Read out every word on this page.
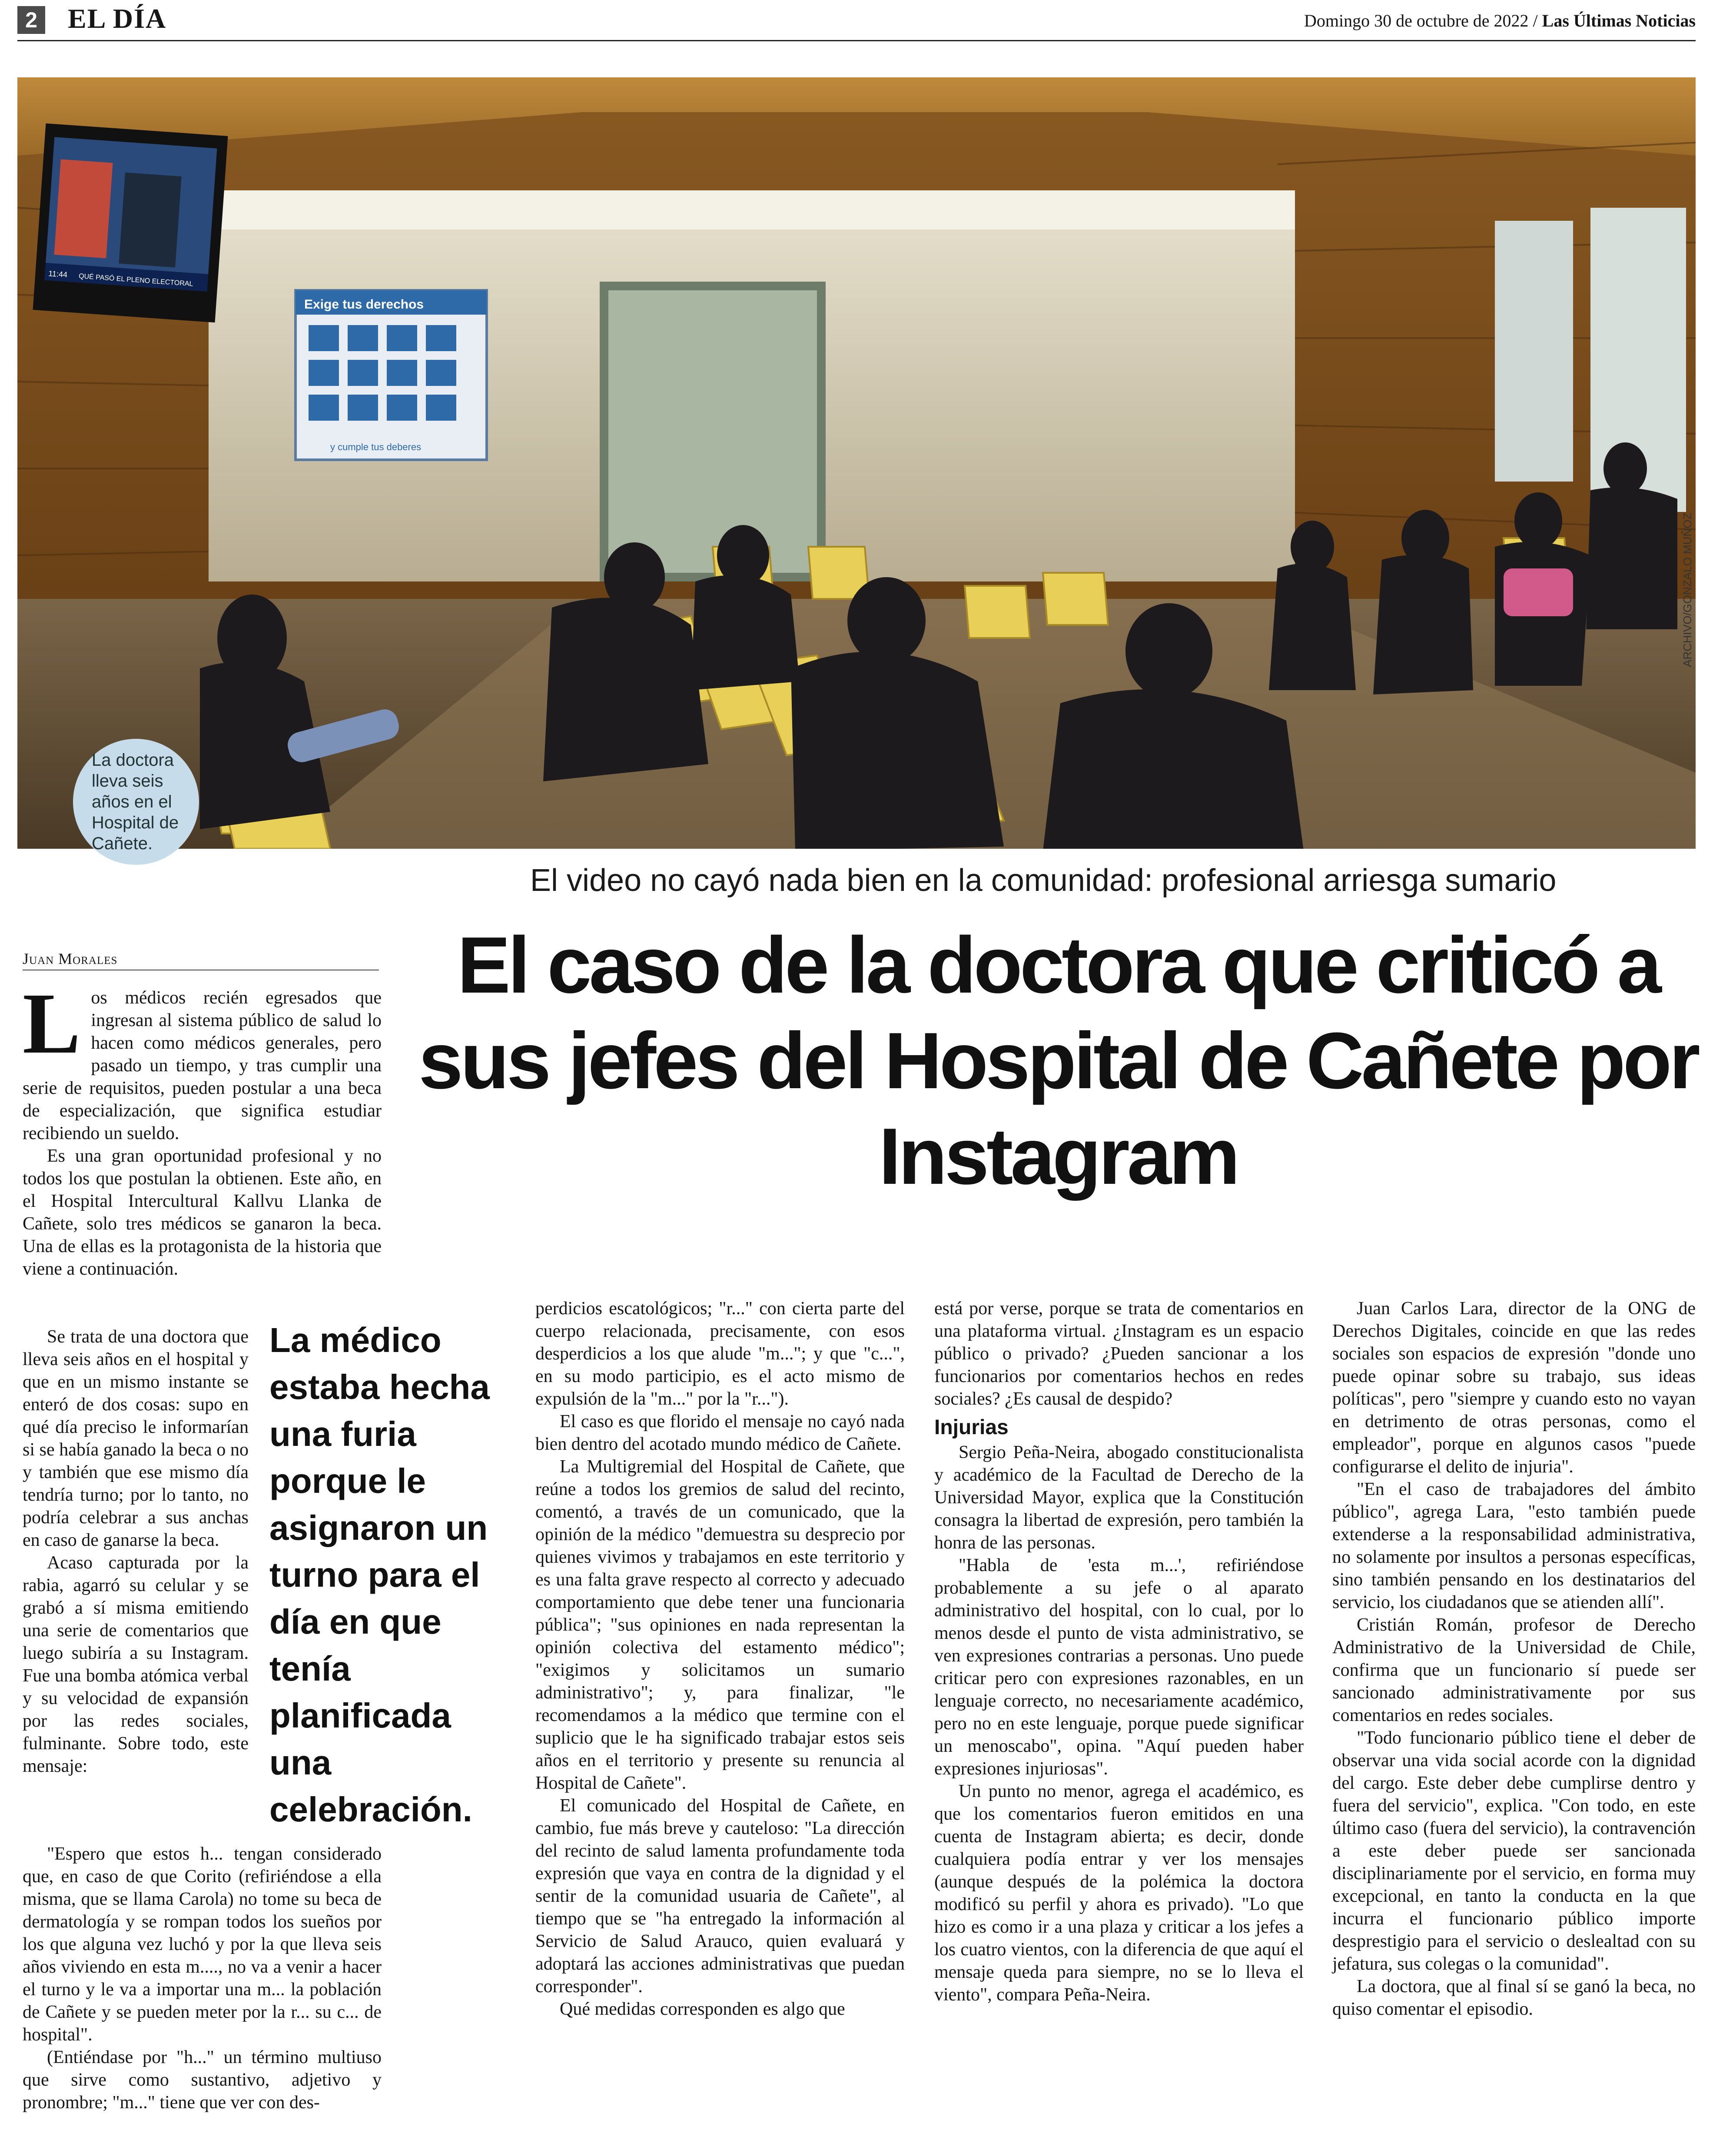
2 EL DÍA	Domingo 30 de octubre de 2022 / Las Últimas Noticias
Exige tus derechos
y cumple tus deberes
11:44 QUÉ PASÓ EL PLENO ELECTORAL
ARCHIVO/GONZALO MUÑOZ
La doctora lleva seis años en el Hospital de Cañete.
El video no cayó nada bien en la comunidad: profesional arriesga sumario
Juan Morales	El caso de la doctora que criticó a sus jefes del Hospital de Cañete por Instagram

Los médicos recién egresados que ingresan al sistema público de salud lo hacen como médicos generales, pero pasado un tiempo, y tras cumplir una serie de requisitos, pueden postular a una beca de especialización, que significa estudiar recibiendo un sueldo.

Es una gran oportunidad profesional y no todos los que postulan la obtienen. Este año, en el Hospital Intercultural Kallvu Llanka de Cañete, solo tres médicos se ganaron la beca. Una de ellas es la protagonista de la historia que viene a continuación.

Se trata de una doctora que lleva seis años en el hospital y que en un mismo instante se enteró de dos cosas: supo en qué día preciso le informarían si se había ganado la beca o no y también que ese mismo día tendría turno; por lo tanto, no podría celebrar a sus anchas en caso de ganarse la beca.

Acaso capturada por la rabia, agarró su celular y se grabó a sí misma emitiendo una serie de comentarios que luego subiría a su Instagram. Fue una bomba atómica verbal y su velocidad de expansión por las redes sociales, fulminante. Sobre todo, este mensaje:

La médico estaba hecha una furia porque le asignaron un turno para el día en que tenía planificada una celebración.

"Espero que estos h... tengan considerado que, en caso de que Corito (refiriéndose a ella misma, que se llama Carola) no tome su beca de dermatología y se rompan todos los sueños por los que alguna vez luchó y por la que lleva seis años viviendo en esta m...., no va a venir a hacer el turno y le va a importar una m... la población de Cañete y se pueden meter por la r... su c... de hospital".

(Entiéndase por "h..." un término multiuso que sirve como sustantivo, adjetivo y pronombre; "m..." tiene que ver con des-

perdicios escatológicos; "r..." con cierta parte del cuerpo relacionada, precisamente, con esos desperdicios a los que alude "m..."; y que "c...", en su modo participio, es el acto mismo de expulsión de la "m..." por la "r...").

El caso es que florido el mensaje no cayó nada bien dentro del acotado mundo médico de Cañete.

La Multigremial del Hospital de Cañete, que reúne a todos los gremios de salud del recinto, comentó, a través de un comunicado, que la opinión de la médico "demuestra su desprecio por quienes vivimos y trabajamos en este territorio y es una falta grave respecto al correcto y adecuado comportamiento que debe tener una funcionaria pública"; "sus opiniones en nada representan la opinión colectiva del estamento médico"; "exigimos y solicitamos un sumario administrativo"; y, para finalizar, "le recomendamos a la médico que termine con el suplicio que le ha significado trabajar estos seis años en el territorio y presente su renuncia al Hospital de Cañete".

El comunicado del Hospital de Cañete, en cambio, fue más breve y cauteloso: "La dirección del recinto de salud lamenta profundamente toda expresión que vaya en contra de la dignidad y el sentir de la comunidad usuaria de Cañete", al tiempo que se "ha entregado la información al Servicio de Salud Arauco, quien evaluará y adoptará las acciones administrativas que puedan corresponder".

Qué medidas corresponden es algo que

está por verse, porque se trata de comentarios en una plataforma virtual. ¿Instagram es un espacio público o privado? ¿Pueden sancionar a los funcionarios por comentarios hechos en redes sociales? ¿Es causal de despido?

Injurias

Sergio Peña-Neira, abogado constitucionalista y académico de la Facultad de Derecho de la Universidad Mayor, explica que la Constitución consagra la libertad de expresión, pero también la honra de las personas.

"Habla de 'esta m...', refiriéndose probablemente a su jefe o al aparato administrativo del hospital, con lo cual, por lo menos desde el punto de vista administrativo, se ven expresiones contrarias a personas. Uno puede criticar pero con expresiones razonables, en un lenguaje correcto, no necesariamente académico, pero no en este lenguaje, porque puede significar un menoscabo", opina. "Aquí pueden haber expresiones injuriosas".

Un punto no menor, agrega el académico, es que los comentarios fueron emitidos en una cuenta de Instagram abierta; es decir, donde cualquiera podía entrar y ver los mensajes (aunque después de la polémica la doctora modificó su perfil y ahora es privado). "Lo que hizo es como ir a una plaza y criticar a los jefes a los cuatro vientos, con la diferencia de que aquí el mensaje queda para siempre, no se lo lleva el viento", compara Peña-Neira.

Juan Carlos Lara, director de la ONG de Derechos Digitales, coincide en que las redes sociales son espacios de expresión "donde uno puede opinar sobre su trabajo, sus ideas políticas", pero "siempre y cuando esto no vayan en detrimento de otras personas, como el empleador", porque en algunos casos "puede configurarse el delito de injuria".

"En el caso de trabajadores del ámbito público", agrega Lara, "esto también puede extenderse a la responsabilidad administrativa, no solamente por insultos a personas específicas, sino también pensando en los destinatarios del servicio, los ciudadanos que se atienden allí".

Cristián Román, profesor de Derecho Administrativo de la Universidad de Chile, confirma que un funcionario sí puede ser sancionado administrativamente por sus comentarios en redes sociales.

"Todo funcionario público tiene el deber de observar una vida social acorde con la dignidad del cargo. Este deber debe cumplirse dentro y fuera del servicio", explica. "Con todo, en este último caso (fuera del servicio), la contravención a este deber puede ser sancionada disciplinariamente por el servicio, en forma muy excepcional, en tanto la conducta en la que incurra el funcionario público importe desprestigio para el servicio o deslealtad con su jefatura, sus colegas o la comunidad".

La doctora, que al final sí se ganó la beca, no quiso comentar el episodio.
